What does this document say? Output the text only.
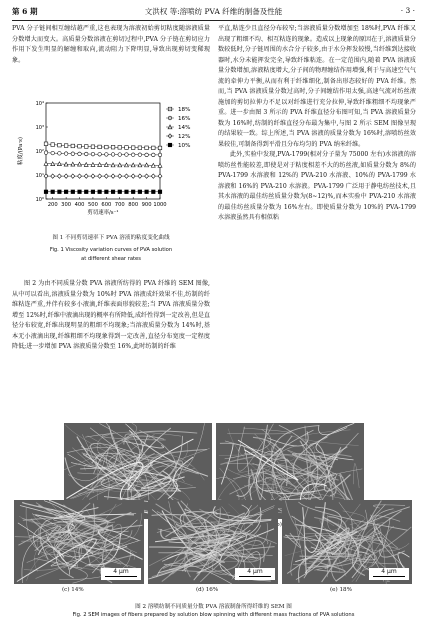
第 6 期	文洪权 等:溶喷纺 PVA 纤维的制备及性能	· 3 ·

PVA 分子链间相互缠结越严重,这也表现为溶液初始剪切粘度随溶液质量分数增大而变大。高质量分数溶液在剪切过程中,PVA 分子链在剪切应力作用下发生明显的解缠和取向,流动阻力下降明显,导致出现剪切变稀现象。

200 300 400 500 600 700 800 900 1000
10⁰
10¹
10²
10³
10⁴
剪切速率/s⁻¹
粘度/(Pa·s)
18%
16%
14%
12%
10%
图 1 不同剪切速率下 PVA 溶液的粘度变化曲线
Fig. 1 Viscosity variation curves of PVA solution
at different shear rates

图 2 为由不同质量分数 PVA 溶液所纺得的 PVA 纤维的 SEM 图像,从中可以看出,溶液质量分数为 10%时 PVA 溶液成纤效果不佳,纺制的纤维粘连严重,并伴有较多小液滴,纤维表面形貌较差;当 PVA 溶液质量分数增至 12%时,纤维中液滴出现的概率有所降低,成纤性得到一定改善,但是直径分布较宽,纤维出现明显的粗细不均现象;当溶液质量分数为 14%时,基本无小液滴出现,纤维粗细不均现象得到一定改善,直径分布宽度一定程度降低;进一步增加 PVA 溶液质量分数至 16%,此时纺制的纤维

平直,粘连少且直径分布较窄;当溶液质量分数增加至 18%时,PVA 纤维又出现了粗细不均、相互粘连的现象。造成以上现象的原因在于,溶液质量分数较低时,分子链周围的水合分子较多,由于水分挥发较慢,当纤维到达接收器时,水分未能挥发完全,导致纤维粘连。在一定范围内,随着 PVA 溶液质量分数增加,溶液粘度增大,分子间的物理缠结作用增强,利于与高速空气气流的牵伸力平衡,从而有利于纤维细化,制备出形态较好的 PVA 纤维。然而,当 PVA 溶液质量分数过高时,分子间缠结作用太强,高速气流对纺丝液施加的剪切拉伸力不足以对纤维进行充分拉伸,导致纤维粗细不均现象严重。进一步由图 3 所示的 PVA 纤维直径分布图可知,当 PVA 溶液质量分数为 16%时,纺制的纤维直径分布最为集中,与图 2 所示 SEM 图像呈现的结果较一致。综上所述,当 PVA 溶液的质量分数为 16%时,溶喷纺丝效果较佳,可制备得到平滑且分布均匀的 PVA 纳米纤维。

此外,实验中发现,PVA-1799(相对分子量为 75000 左右)水溶液的溶喷纺丝性能较差,即使是对于粘度相差不大的纺丝液,如质量分数为 8%的 PVA-1799 水溶液和 12%的 PVA-210 水溶液、10%的 PVA-1799 水溶液和 16%的 PVA-210 水溶液。PVA-1799 广泛用于静电纺丝技术,且其水溶液的最佳纺丝质量分数为(8~12)%,而本实验中 PVA-210 水溶液的最佳纺丝质量分数为 16%左右。即使质量分数为 10%的 PVA-1799 水溶液虽然具有相似粘

4 μm
(c) 14%
4 μm
(d) 16%
4 μm
(e) 18%
图 2 溶喷纺制不同质量分数 PVA 溶液制备所得纤维的 SEM 图
Fig. 2 SEM images of fibers prepared by solution blow spinning with different mass fractions of PVA solutions
